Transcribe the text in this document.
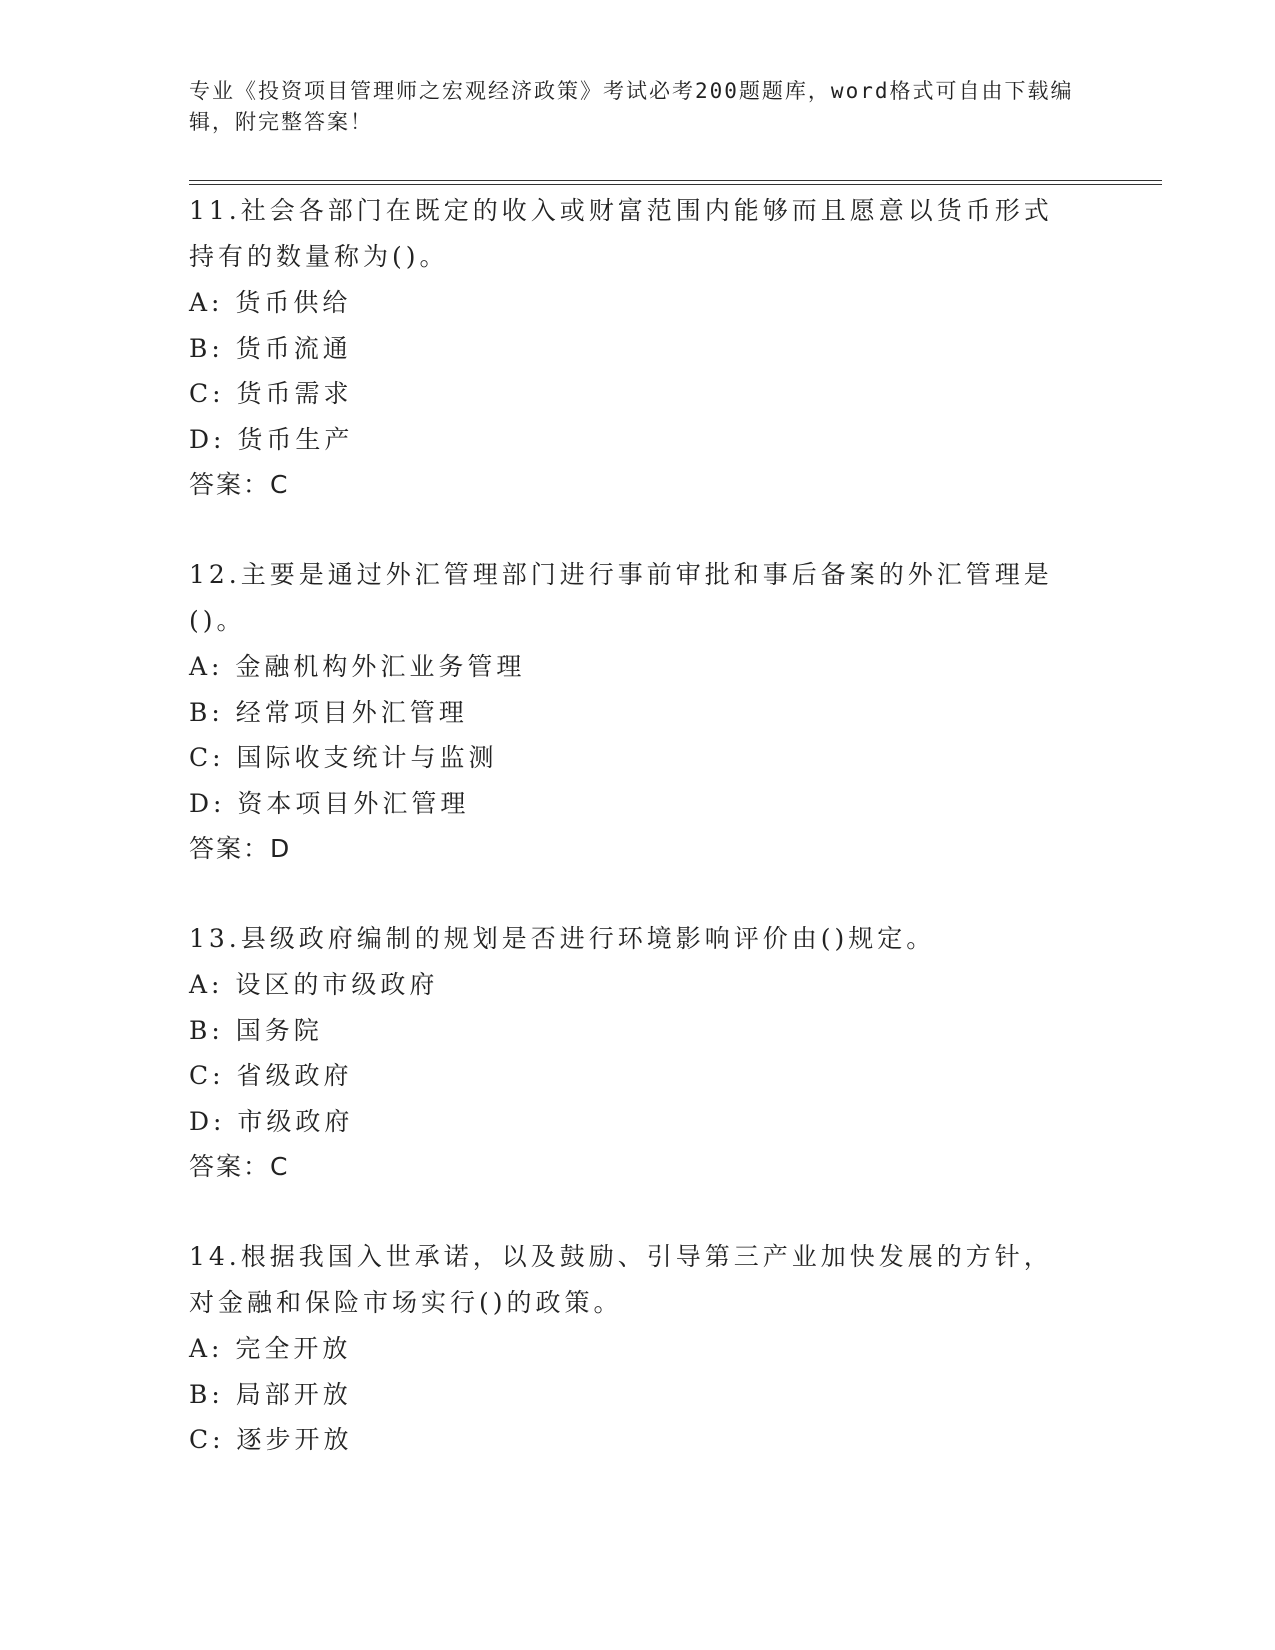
专业《投资项目管理师之宏观经济政策》考试必考200题题库，word格式可自由下载编辑，附完整答案！
11.社会各部门在既定的收入或财富范围内能够而且愿意以货币形式持有的数量称为()。
A: 货币供给
B: 货币流通
C: 货币需求
D: 货币生产
答案：C
12.主要是通过外汇管理部门进行事前审批和事后备案的外汇管理是()。
A: 金融机构外汇业务管理
B: 经常项目外汇管理
C: 国际收支统计与监测
D: 资本项目外汇管理
答案：D
13.县级政府编制的规划是否进行环境影响评价由()规定。
A: 设区的市级政府
B: 国务院
C: 省级政府
D: 市级政府
答案：C
14.根据我国入世承诺，以及鼓励、引导第三产业加快发展的方针，对金融和保险市场实行()的政策。
A: 完全开放
B: 局部开放
C: 逐步开放
